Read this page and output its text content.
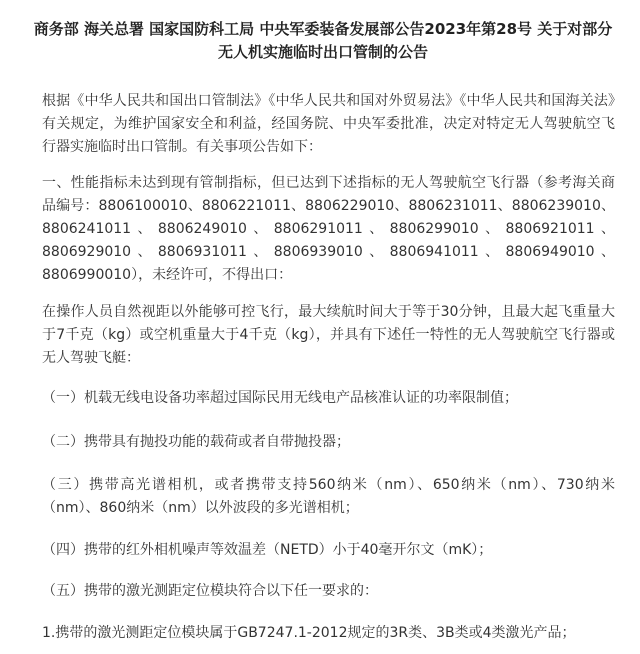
商务部 海关总署 国家国防科工局 中央军委装备发展部公告2023年第28号 关于对部分无人机实施临时出口管制的公告

根据《中华人民共和国出口管制法》《中华人民共和国对外贸易法》《中华人民共和国海关法》有关规定，为维护国家安全和利益，经国务院、中央军委批准，决定对特定无人驾驶航空飞行器实施临时出口管制。有关事项公告如下：

一、性能指标未达到现有管制指标，但已达到下述指标的无人驾驶航空飞行器（参考海关商品编号：8806100010、8806221011、8806229010、8806231011、8806239010、8806241011、8806249010、8806291011、8806299010、8806921011、8806929010、8806931011、8806939010、8806941011、8806949010、8806990010），未经许可，不得出口：

在操作人员自然视距以外能够可控飞行，最大续航时间大于等于30分钟，且最大起飞重量大于7千克（kg）或空机重量大于4千克（kg），并具有下述任一特性的无人驾驶航空飞行器或无人驾驶飞艇：

（一）机载无线电设备功率超过国际民用无线电产品核准认证的功率限制值；

（二）携带具有抛投功能的载荷或者自带抛投器；

（三）携带高光谱相机，或者携带支持560纳米（nm）、650纳米（nm）、730纳米（nm）、860纳米（nm）以外波段的多光谱相机；

（四）携带的红外相机噪声等效温差（NETD）小于40毫开尔文（mK）；

（五）携带的激光测距定位模块符合以下任一要求的：

1.携带的激光测距定位模块属于GB7247.1-2012规定的3R类、3B类或4类激光产品；
